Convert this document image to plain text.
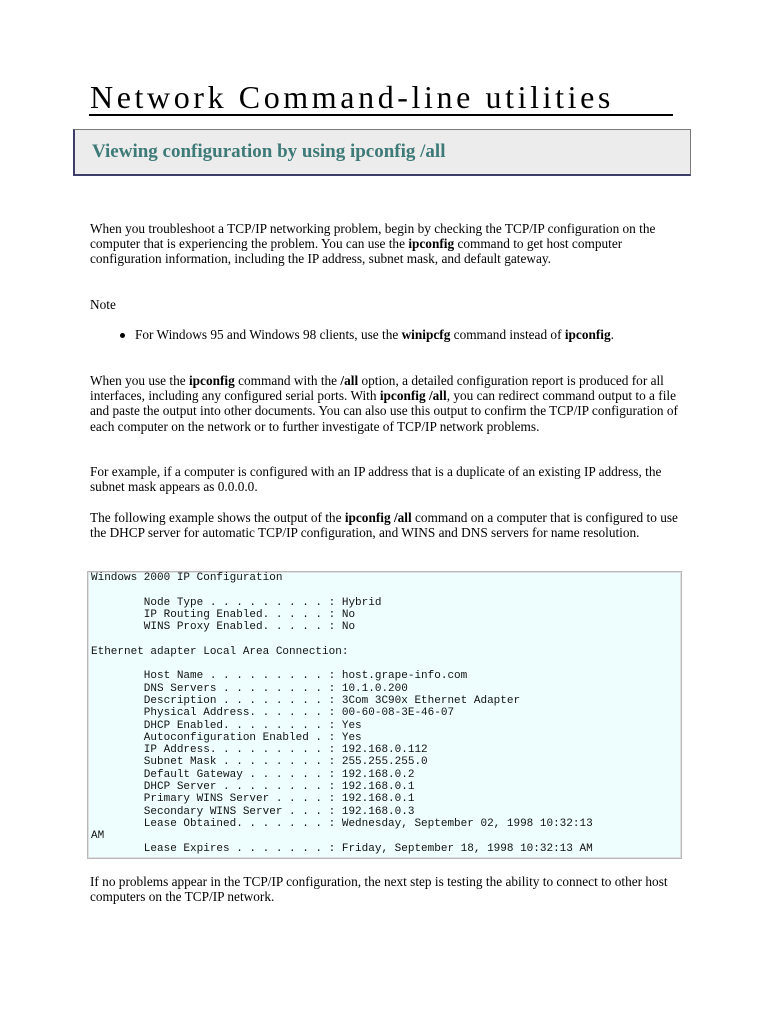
Network Command-line utilities
Viewing configuration by using ipconfig /all

When you troubleshoot a TCP/IP networking problem, begin by checking the TCP/IP configuration on the computer that is experiencing the problem. You can use the ipconfig command to get host computer configuration information, including the IP address, subnet mask, and default gateway.

Note

For Windows 95 and Windows 98 clients, use the winipcfg command instead of ipconfig.

When you use the ipconfig command with the /all option, a detailed configuration report is produced for all interfaces, including any configured serial ports. With ipconfig /all, you can redirect command output to a file and paste the output into other documents. You can also use this output to confirm the TCP/IP configuration of each computer on the network or to further investigate of TCP/IP network problems.

For example, if a computer is configured with an IP address that is a duplicate of an existing IP address, the subnet mask appears as 0.0.0.0.

The following example shows the output of the ipconfig /all command on a computer that is configured to use the DHCP server for automatic TCP/IP configuration, and WINS and DNS servers for name resolution.

Windows 2000 IP Configuration

Node Type . . . . . . . . . : Hybrid
IP Routing Enabled. . . . . : No
WINS Proxy Enabled. . . . . : No

Ethernet adapter Local Area Connection:

Host Name . . . . . . . . . : host.grape-info.com
DNS Servers . . . . . . . . : 10.1.0.200
Description . . . . . . . . : 3Com 3C90x Ethernet Adapter
Physical Address. . . . . . : 00-60-08-3E-46-07
DHCP Enabled. . . . . . . . : Yes
Autoconfiguration Enabled . : Yes
IP Address. . . . . . . . . : 192.168.0.112
Subnet Mask . . . . . . . . : 255.255.255.0
Default Gateway . . . . . . : 192.168.0.2
DHCP Server . . . . . . . . : 192.168.0.1
Primary WINS Server . . . . : 192.168.0.1
Secondary WINS Server . . . : 192.168.0.3
Lease Obtained. . . . . . . : Wednesday, September 02, 1998 10:32:13
AM
Lease Expires . . . . . . . : Friday, September 18, 1998 10:32:13 AM

If no problems appear in the TCP/IP configuration, the next step is testing the ability to connect to other host computers on the TCP/IP network.
